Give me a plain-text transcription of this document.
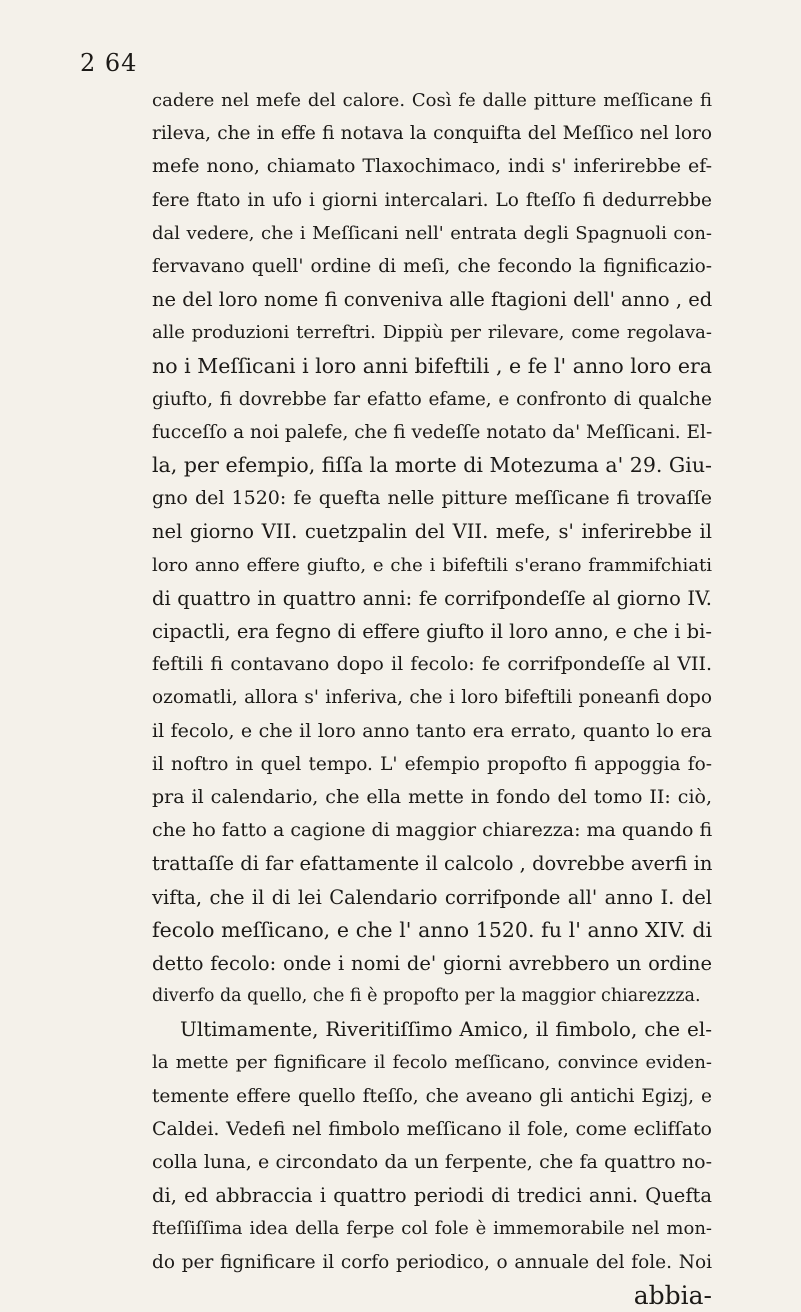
2 64
cadere nel mefe del calore. Così fe dalle pitture meſſicane fi
rileva, che in effe fi notava la conquifta del Meſſico nel loro
mefe nono, chiamato Tlaxochimaco, indi s' inferirebbe ef-
fere ftato in ufo i giorni intercalari. Lo fteſſo fi dedurrebbe
dal vedere, che i Meſſicani nell' entrata degli Spagnuoli con-
fervavano quell' ordine di meſi, che fecondo la fignificazio-
ne del loro nome fi conveniva alle ftagioni dell' anno , ed
alle produzioni terreftri. Dippiù per rilevare, come regolava-
no i Meſſicani i loro anni bifeftili , e fe l' anno loro era
giufto, fi dovrebbe far efatto efame, e confronto di qualche
fucceſſo a noi palefe, che fi vedeſſe notato da' Meſſicani. El-
la, per efempio, fiſſa la morte di Motezuma a' 29. Giu-
gno del 1520: fe quefta nelle pitture meſſicane fi trovaſſe
nel giorno VII. cuetzpalin del VII. mefe, s' inferirebbe il
loro anno effere giufto, e che i bifeftili s'erano frammifchiati
di quattro in quattro anni: fe corrifpondeſſe al giorno IV.
cipactli, era fegno di effere giufto il loro anno, e che i bi-
feftili fi contavano dopo il fecolo: fe corrifpondeſſe al VII.
ozomatli, allora s' inferiva, che i loro bifeftili poneanfi dopo
il fecolo, e che il loro anno tanto era errato, quanto lo era
il noftro in quel tempo. L' efempio propofto fi appoggia fo-
pra il calendario, che ella mette in fondo del tomo II: ciò,
che ho fatto a cagione di maggior chiarezza: ma quando fi
trattaſſe di far efattamente il calcolo , dovrebbe averfi in
vifta, che il di lei Calendario corrifponde all' anno I. del
fecolo meſſicano, e che l' anno 1520. fu l' anno XIV. di
detto fecolo: onde i nomi de' giorni avrebbero un ordine
diverfo da quello, che fi è propofto per la maggior chiarezzza.
Ultimamente, Riveritiſſimo Amico, il fimbolo, che el-
la mette per fignificare il fecolo meſſicano, convince eviden-
temente effere quello fteſſo, che aveano gli antichi Egizj, e
Caldei. Vedefi nel fimbolo meſſicano il fole, come eclifſato
colla luna, e circondato da un ferpente, che fa quattro no-
di, ed abbraccia i quattro periodi di tredici anni. Quefta
fteſſiſſima idea della ferpe col fole è immemorabile nel mon-
do per fignificare il corfo periodico, o annuale del fole. Noi
abbia-
